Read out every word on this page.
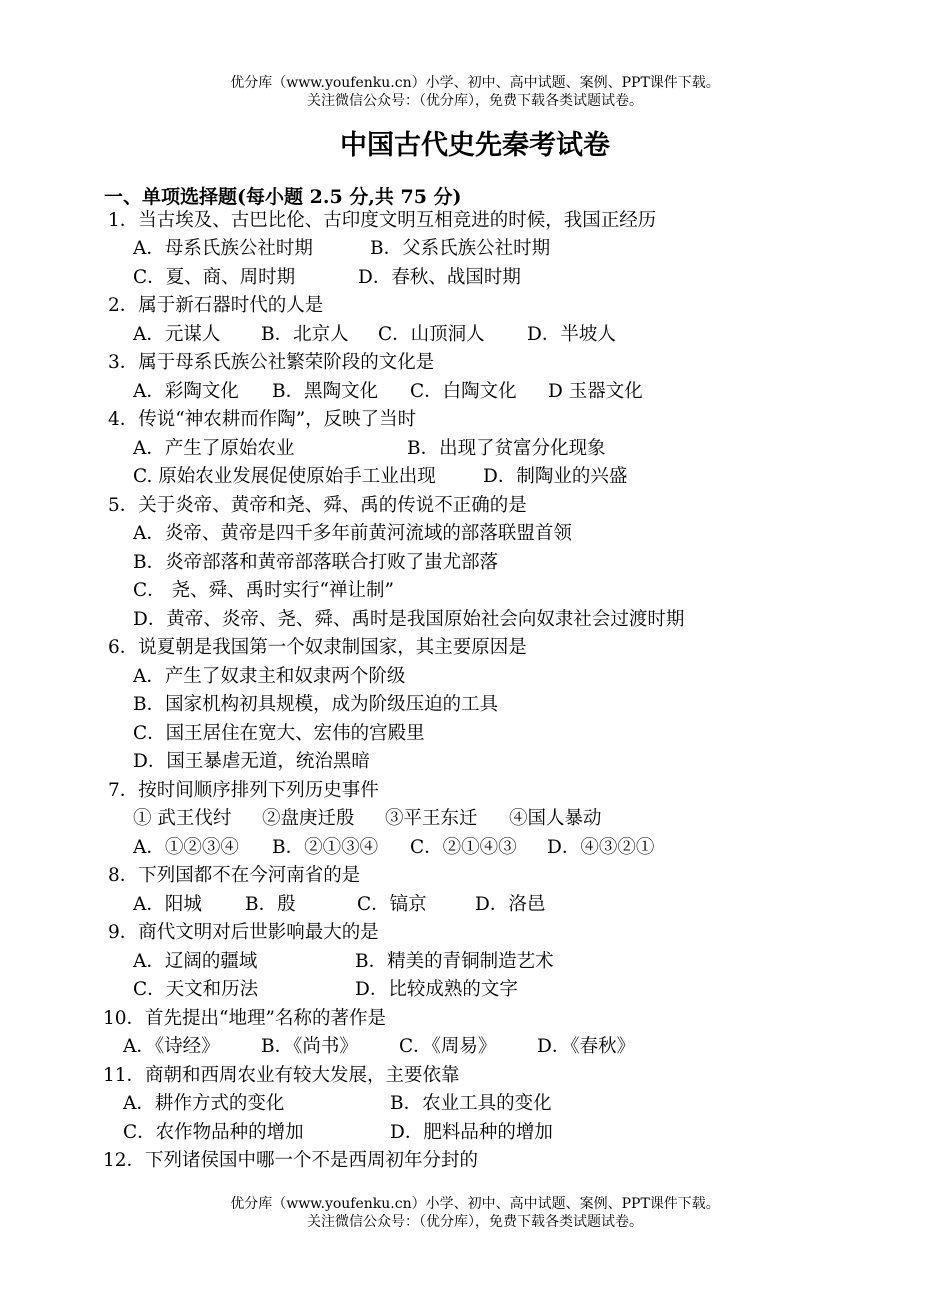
优分库（www.youfenku.cn）小学、初中、高中试题、案例、PPT课件下载。
关注微信公众号：（优分库），免费下载各类试题试卷。
中国古代史先秦考试卷
一、单项选择题(每小题 2.5 分,共 75 分)
1．当古埃及、古巴比伦、古印度文明互相竞进的时候，我国正经历
A．母系氏族公社时期	B．父系氏族公社时期
C．夏、商、周时期	D．春秋、战国时期
2．属于新石器时代的人是
A．元谋人 B．北京人 C．山顶洞人 D．半坡人
3．属于母系氏族公社繁荣阶段的文化是
A．彩陶文化 B．黑陶文化 C．白陶文化 D 玉器文化
4．传说“神农耕而作陶”，反映了当时
A．产生了原始农业	B．出现了贫富分化现象
C. 原始农业发展促使原始手工业出现	D．制陶业的兴盛
5．关于炎帝、黄帝和尧、舜、禹的传说不正确的是
A．炎帝、黄帝是四千多年前黄河流域的部落联盟首领
B．炎帝部落和黄帝部落联合打败了蚩尤部落
C． 尧、舜、禹时实行“禅让制”
D．黄帝、炎帝、尧、舜、禹时是我国原始社会向奴隶社会过渡时期
6．说夏朝是我国第一个奴隶制国家，其主要原因是
A．产生了奴隶主和奴隶两个阶级
B．国家机构初具规模，成为阶级压迫的工具
C．国王居住在宽大、宏伟的宫殿里
D．国王暴虐无道，统治黑暗
7．按时间顺序排列下列历史事件
① 武王伐纣 ②盘庚迁殷 ③平王东迁 ④国人暴动
A．①②③④ B．②①③④ C．②①④③ D．④③②①
8．下列国都不在今河南省的是
A．阳城 B．殷	C．镐京	D．洛邑
9．商代文明对后世影响最大的是
A．辽阔的疆域	B．精美的青铜制造艺术
C．天文和历法	D．比较成熟的文字
10．首先提出“地理”名称的著作是
A．《诗经》 B．《尚书》 C．《周易》 D．《春秋》
11．商朝和西周农业有较大发展，主要依靠
A．耕作方式的变化	B．农业工具的变化
C．农作物品种的增加	D．肥料品种的增加
12．下列诸侯国中哪一个不是西周初年分封的
优分库（www.youfenku.cn）小学、初中、高中试题、案例、PPT课件下载。
关注微信公众号：（优分库），免费下载各类试题试卷。
